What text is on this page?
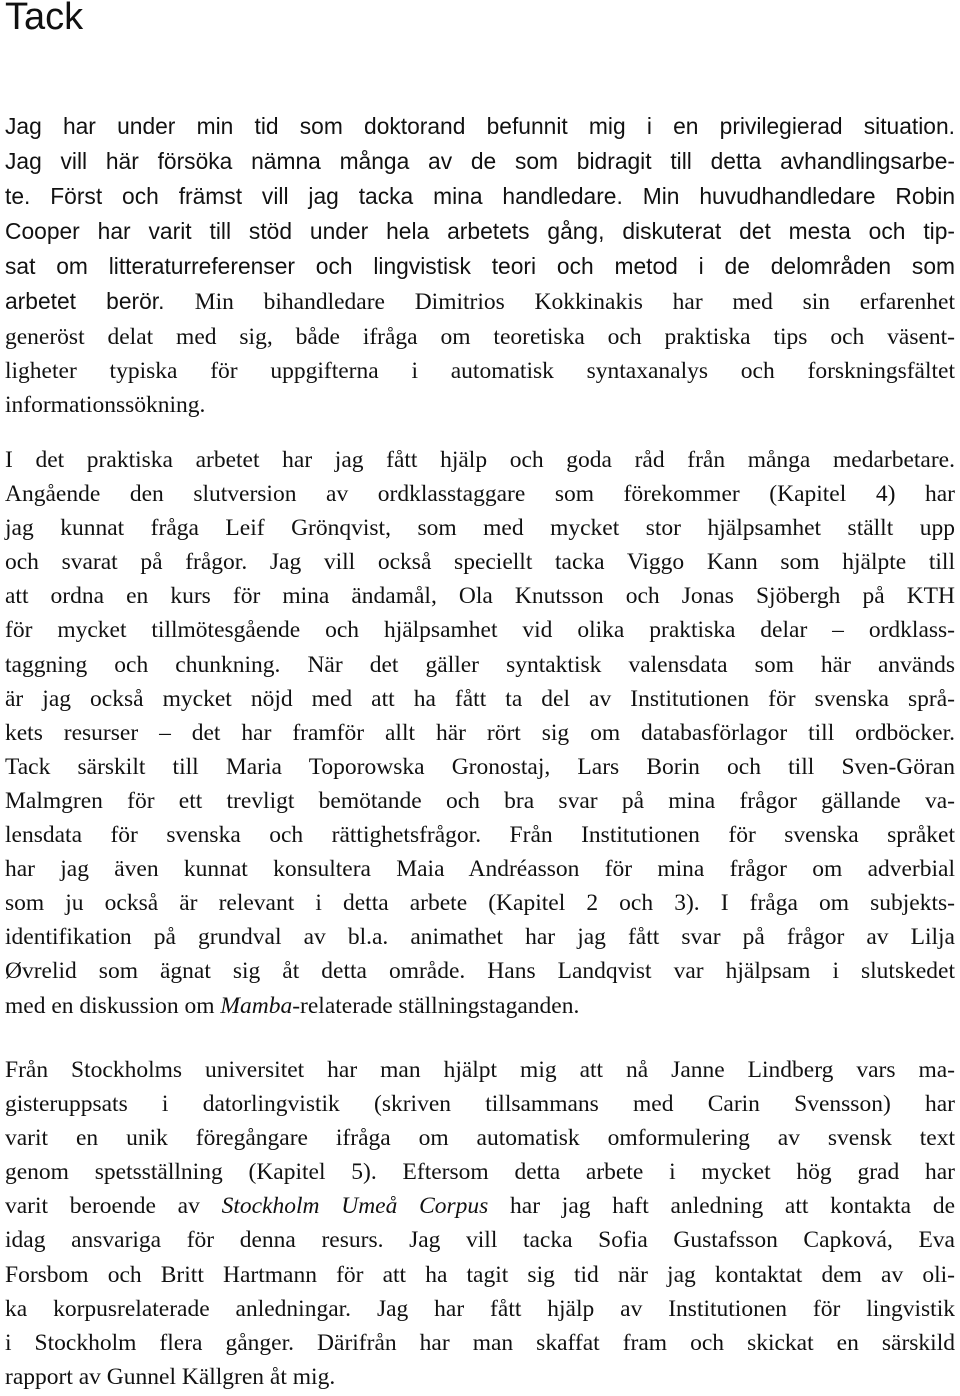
Tack
Jag har under min tid som doktorand befunnit mig i en privilegierad situation.
Jag vill här försöka nämna många av de som bidragit till detta avhandlingsarbe-
te. Först och främst vill jag tacka mina handledare. Min huvudhandledare Robin
Cooper har varit till stöd under hela arbetets gång, diskuterat det mesta och tip-
sat om litteraturreferenser och lingvistisk teori och metod i de delområden som
arbetet berör. Min bihandledare Dimitrios Kokkinakis har med sin erfarenhet
generöst delat med sig, både ifråga om teoretiska och praktiska tips och väsent-
ligheter typiska för uppgifterna i automatisk syntaxanalys och forskningsfältet
informationssökning.
I det praktiska arbetet har jag fått hjälp och goda råd från många medarbetare.
Angående den slutversion av ordklasstaggare som förekommer (Kapitel 4) har
jag kunnat fråga Leif Grönqvist, som med mycket stor hjälpsamhet ställt upp
och svarat på frågor. Jag vill också speciellt tacka Viggo Kann som hjälpte till
att ordna en kurs för mina ändamål, Ola Knutsson och Jonas Sjöbergh på KTH
för mycket tillmötesgående och hjälpsamhet vid olika praktiska delar – ordklass-
taggning och chunkning. När det gäller syntaktisk valensdata som här används
är jag också mycket nöjd med att ha fått ta del av Institutionen för svenska språ-
kets resurser – det har framför allt här rört sig om databasförlagor till ordböcker.
Tack särskilt till Maria Toporowska Gronostaj, Lars Borin och till Sven-Göran
Malmgren för ett trevligt bemötande och bra svar på mina frågor gällande va-
lensdata för svenska och rättighetsfrågor. Från Institutionen för svenska språket
har jag även kunnat konsultera Maia Andréasson för mina frågor om adverbial
som ju också är relevant i detta arbete (Kapitel 2 och 3). I fråga om subjekts-
identifikation på grundval av bl.a. animathet har jag fått svar på frågor av Lilja
Øvrelid som ägnat sig åt detta område. Hans Landqvist var hjälpsam i slutskedet
med en diskussion om Mamba-relaterade ställningstaganden.
Från Stockholms universitet har man hjälpt mig att nå Janne Lindberg vars ma-
gisteruppsats i datorlingvistik (skriven tillsammans med Carin Svensson) har
varit en unik föregångare ifråga om automatisk omformulering av svensk text
genom spetsställning (Kapitel 5). Eftersom detta arbete i mycket hög grad har
varit beroende av Stockholm Umeå Corpus har jag haft anledning att kontakta de
idag ansvariga för denna resurs. Jag vill tacka Sofia Gustafsson Capková, Eva
Forsbom och Britt Hartmann för att ha tagit sig tid när jag kontaktat dem av oli-
ka korpusrelaterade anledningar. Jag har fått hjälp av Institutionen för lingvistik
i Stockholm flera gånger. Därifrån har man skaffat fram och skickat en särskild
rapport av Gunnel Källgren åt mig.
